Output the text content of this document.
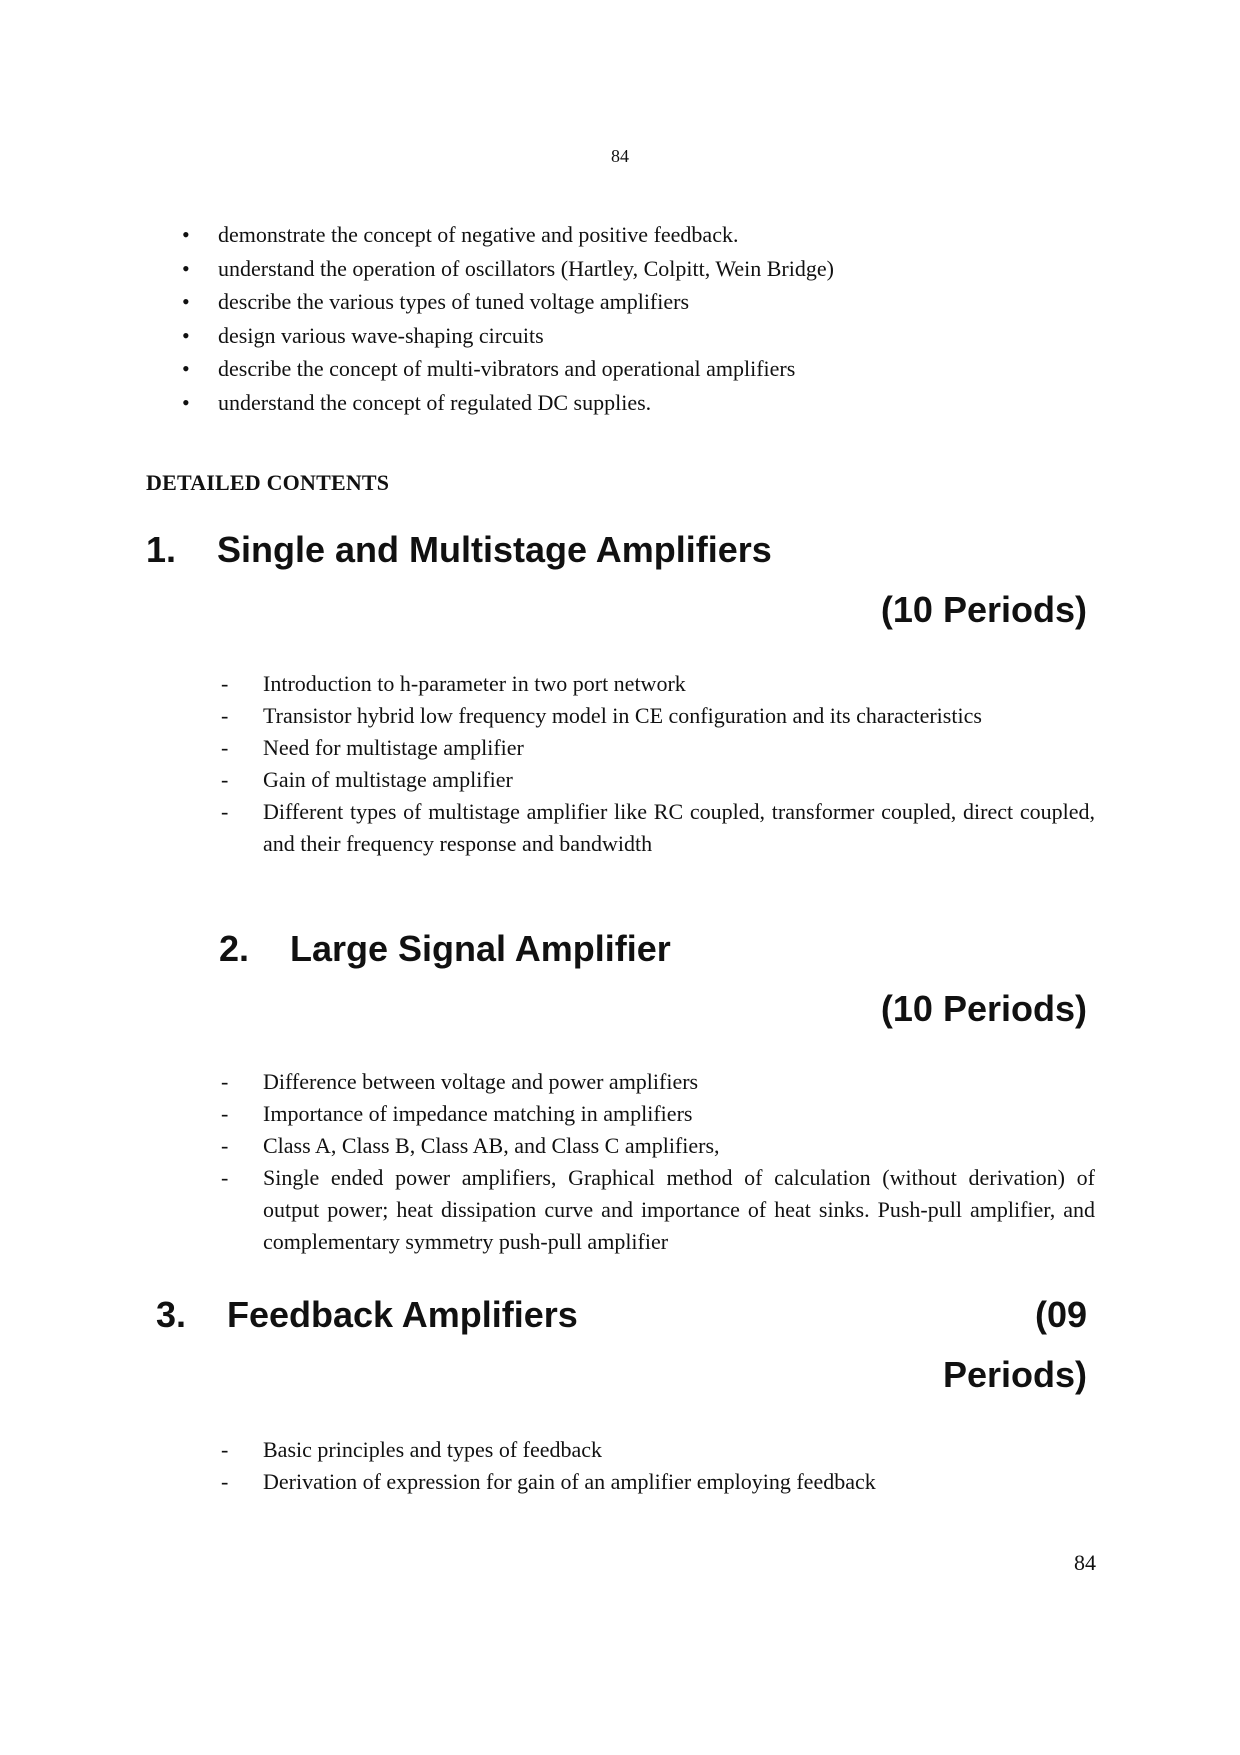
84
• demonstrate the concept of negative and positive feedback.
• understand the operation of oscillators (Hartley, Colpitt, Wein Bridge)
• describe the various types of tuned voltage amplifiers
• design various wave-shaping circuits
• describe the concept of multi-vibrators and operational amplifiers
• understand the concept of regulated DC supplies.
DETAILED CONTENTS
1. Single and Multistage Amplifiers
(10 Periods)
- Introduction to h-parameter in two port network
- Transistor hybrid low frequency model in CE configuration and its characteristics
- Need for multistage amplifier
- Gain of multistage amplifier
- Different types of multistage amplifier like RC coupled, transformer coupled, direct coupled, and their frequency response and bandwidth
2. Large Signal Amplifier
(10 Periods)
- Difference between voltage and power amplifiers
- Importance of impedance matching in amplifiers
- Class A, Class B, Class AB, and Class C amplifiers,
- Single ended power amplifiers, Graphical method of calculation (without derivation) of output power; heat dissipation curve and importance of heat sinks. Push-pull amplifier, and complementary symmetry push-pull amplifier
3. Feedback Amplifiers	(09
Periods)
- Basic principles and types of feedback
- Derivation of expression for gain of an amplifier employing feedback
84
